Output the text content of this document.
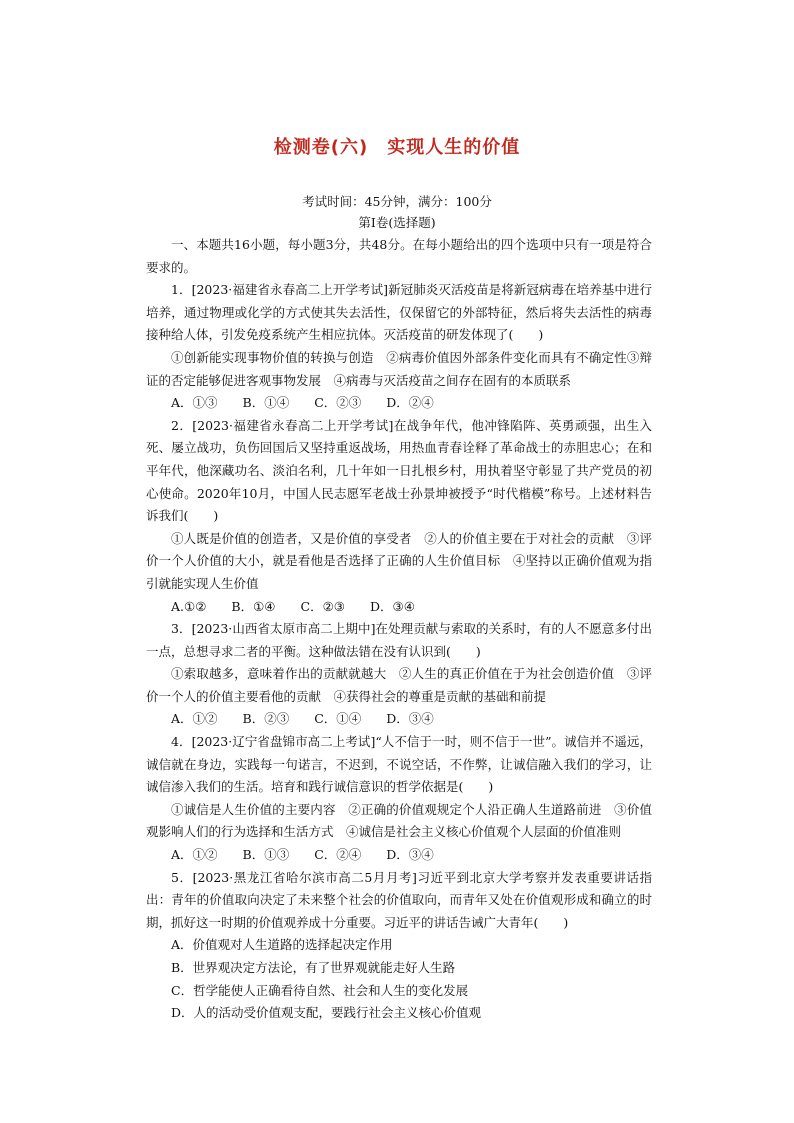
检测卷(六)　实现人生的价值
考试时间：45分钟，满分：100分
第Ⅰ卷(选择题)

一、本题共16小题，每小题3分，共48分。在每小题给出的四个选项中只有一项是符合要求的。

1．[2023·福建省永春高二上开学考试]新冠肺炎灭活疫苗是将新冠病毒在培养基中进行培养，通过物理或化学的方式使其失去活性，仅保留它的外部特征，然后将失去活性的病毒接种给人体，引发免疫系统产生相应抗体。灭活疫苗的研发体现了(　　)

①创新能实现事物价值的转换与创造　②病毒价值因外部条件变化而具有不确定性③辩证的否定能够促进客观事物发展　④病毒与灭活疫苗之间存在固有的本质联系

A．①③　　B．①④　　C．②③　　D．②④

2．[2023·福建省永春高二上开学考试]在战争年代，他冲锋陷阵、英勇顽强，出生入死、屡立战功，负伤回国后又坚持重返战场，用热血青春诠释了革命战士的赤胆忠心；在和平年代，他深藏功名、淡泊名利，几十年如一日扎根乡村，用执着坚守彰显了共产党员的初心使命。2020年10月，中国人民志愿军老战士孙景坤被授予“时代楷模”称号。上述材料告诉我们(　　)

①人既是价值的创造者，又是价值的享受者　②人的价值主要在于对社会的贡献　③评价一个人价值的大小，就是看他是否选择了正确的人生价值目标　④坚持以正确价值观为指引就能实现人生价值

A.①②　　B．①④　　C．②③　　D．③④

3．[2023·山西省太原市高二上期中]在处理贡献与索取的关系时，有的人不愿意多付出一点，总想寻求二者的平衡。这种做法错在没有认识到(　　)

①索取越多，意味着作出的贡献就越大　②人生的真正价值在于为社会创造价值　③评价一个人的价值主要看他的贡献　④获得社会的尊重是贡献的基础和前提

A．①②　　B．②③　　C．①④　　D．③④

4．[2023·辽宁省盘锦市高二上考试]“人不信于一时，则不信于一世”。诚信并不遥远，诚信就在身边，实践每一句诺言，不迟到，不说空话，不作弊，让诚信融入我们的学习，让诚信渗入我们的生活。培育和践行诚信意识的哲学依据是(　　)

①诚信是人生价值的主要内容　②正确的价值观规定个人沿正确人生道路前进　③价值观影响人们的行为选择和生活方式　④诚信是社会主义核心价值观个人层面的价值准则

A．①②　　B．①③　　C．②④　　D．③④

5．[2023·黑龙江省哈尔滨市高二5月月考]习近平到北京大学考察并发表重要讲话指出：青年的价值取向决定了未来整个社会的价值取向，而青年又处在价值观形成和确立的时期，抓好这一时期的价值观养成十分重要。习近平的讲话告诫广大青年(　　)

A．价值观对人生道路的选择起决定作用

B．世界观决定方法论，有了世界观就能走好人生路

C．哲学能使人正确看待自然、社会和人生的变化发展

D．人的活动受价值观支配，要践行社会主义核心价值观
